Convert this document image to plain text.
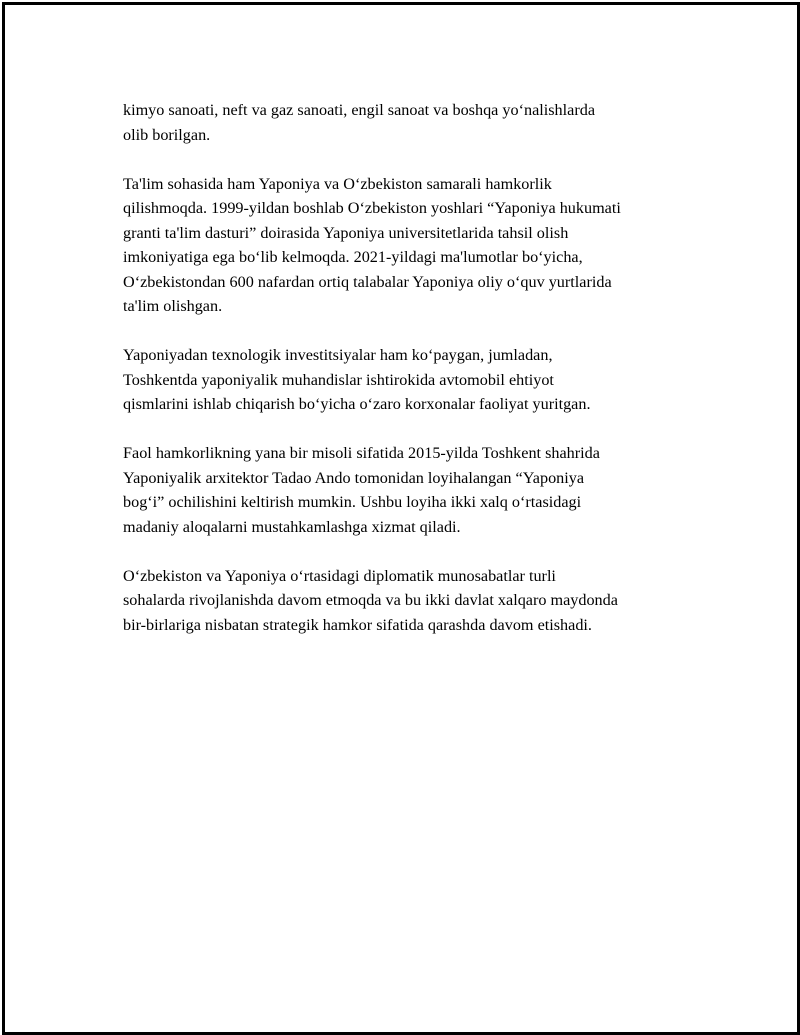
kimyo sanoati, neft va gaz sanoati, engil sanoat va boshqa yo‘nalishlarda
olib borilgan.

Ta'lim sohasida ham Yaponiya va O‘zbekiston samarali hamkorlik
qilishmoqda. 1999-yildan boshlab O‘zbekiston yoshlari “Yaponiya hukumati
granti ta'lim dasturi” doirasida Yaponiya universitetlarida tahsil olish
imkoniyatiga ega bo‘lib kelmoqda. 2021-yildagi ma'lumotlar bo‘yicha,
O‘zbekistondan 600 nafardan ortiq talabalar Yaponiya oliy o‘quv yurtlarida
ta'lim olishgan.

Yaponiyadan texnologik investitsiyalar ham ko‘paygan, jumladan,
Toshkentda yaponiyalik muhandislar ishtirokida avtomobil ehtiyot
qismlarini ishlab chiqarish bo‘yicha o‘zaro korxonalar faoliyat yuritgan.

Faol hamkorlikning yana bir misoli sifatida 2015-yilda Toshkent shahrida
Yaponiyalik arxitektor Tadao Ando tomonidan loyihalangan “Yaponiya
bog‘i” ochilishini keltirish mumkin. Ushbu loyiha ikki xalq o‘rtasidagi
madaniy aloqalarni mustahkamlashga xizmat qiladi.

O‘zbekiston va Yaponiya o‘rtasidagi diplomatik munosabatlar turli
sohalarda rivojlanishda davom etmoqda va bu ikki davlat xalqaro maydonda
bir-birlariga nisbatan strategik hamkor sifatida qarashda davom etishadi.
